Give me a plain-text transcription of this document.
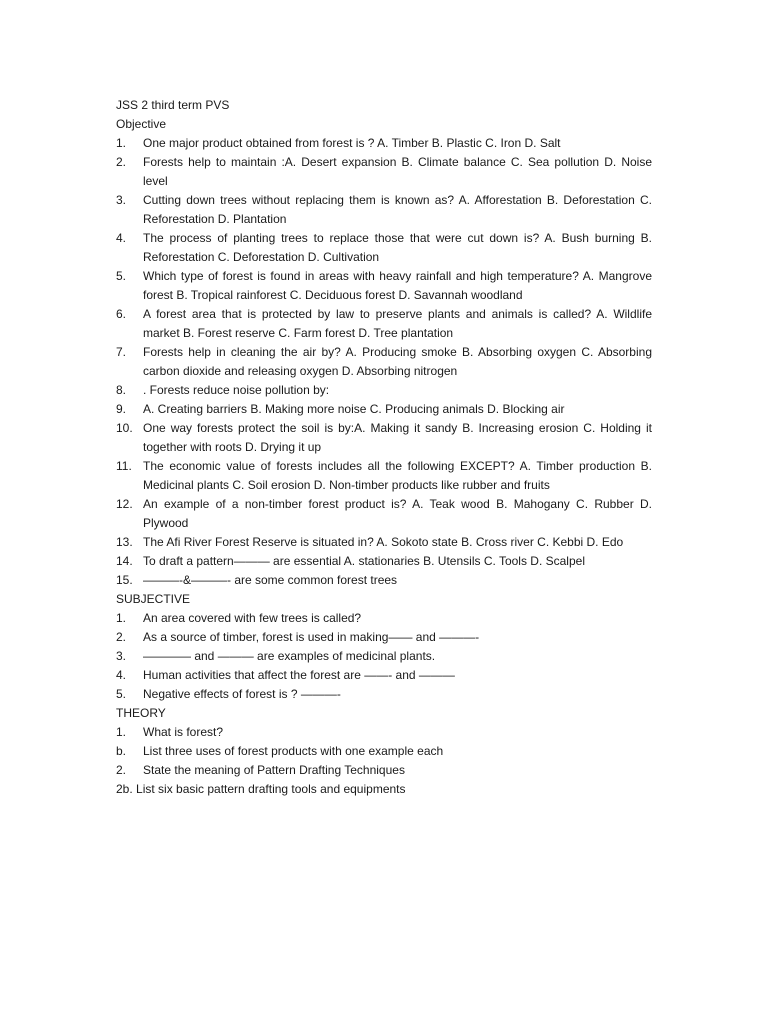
JSS 2 third term PVS

Objective

1.	One major product obtained from forest is ? A. Timber B. Plastic C. Iron D. Salt
2.	Forests help to maintain :A. Desert expansion B. Climate balance C. Sea pollution D. Noise level
3.	Cutting down trees without replacing them is known as? A. Afforestation B. Deforestation C. Reforestation D. Plantation
4.	The process of planting trees to replace those that were cut down is? A. Bush burning B. Reforestation C. Deforestation D. Cultivation
5.	Which type of forest is found in areas with heavy rainfall and high temperature? A. Mangrove forest B. Tropical rainforest C. Deciduous forest D. Savannah woodland
6.	A forest area that is protected by law to preserve plants and animals is called? A. Wildlife market B. Forest reserve C. Farm forest D. Tree plantation
7.	Forests help in cleaning the air by? A. Producing smoke B. Absorbing oxygen C. Absorbing carbon dioxide and releasing oxygen D. Absorbing nitrogen
8.	. Forests reduce noise pollution by:
9.	A. Creating barriers B. Making more noise C. Producing animals D. Blocking air
10. One way forests protect the soil is by:A. Making it sandy B. Increasing erosion C. Holding it together with roots D. Drying it up
11. The economic value of forests includes all the following EXCEPT? A. Timber production B. Medicinal plants C. Soil erosion D. Non-timber products like rubber and fruits
12. An example of a non-timber forest product is? A. Teak wood B. Mahogany C. Rubber D. Plywood
13. The Afi River Forest Reserve is situated in? A. Sokoto state B. Cross river C. Kebbi D. Edo
14. To draft a pattern——— are essential A. stationaries B. Utensils C. Tools D. Scalpel
15. ———-&———- are some common forest trees

SUBJECTIVE

1.	An area covered with few trees is called?
2.	As a source of timber, forest is used in making—— and ———-
3.	———— and ——— are examples of medicinal plants.
4.	Human activities that affect the forest are ——- and ———
5.	Negative effects of forest is ? ———-

THEORY

1.	What is forest?
b.	List three uses of forest products with one example each
2.	State the meaning of Pattern Drafting Techniques

2b. List six basic pattern drafting tools and equipments
